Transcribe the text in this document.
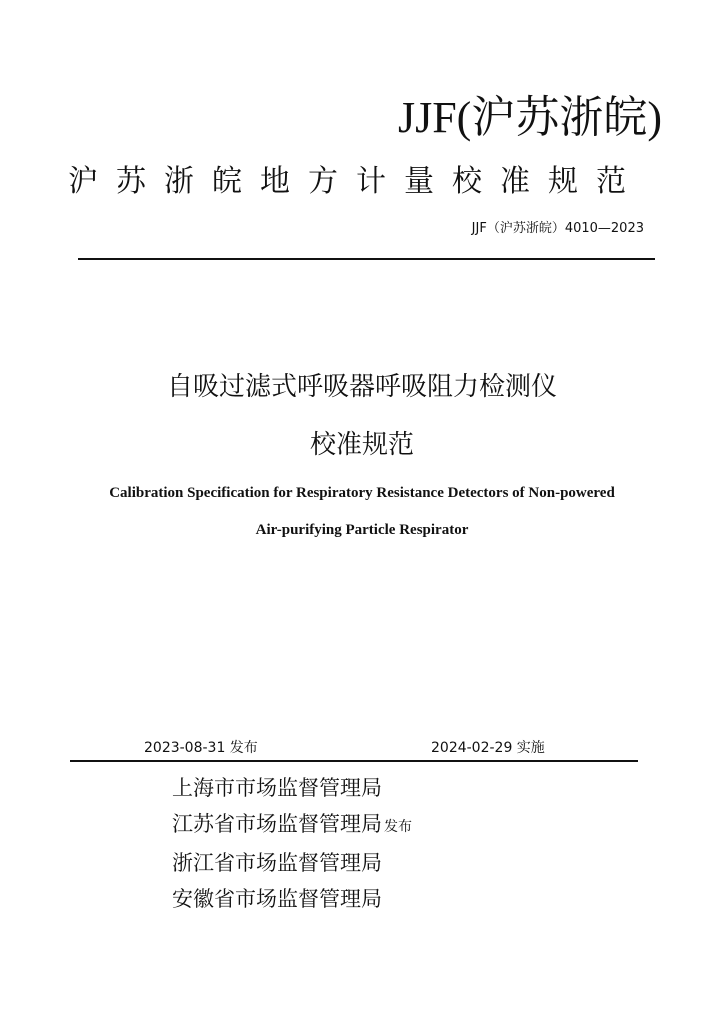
JJF(沪苏浙皖)
沪苏浙皖地方计量校准规范
JJF（沪苏浙皖）4010—2023
自吸过滤式呼吸器呼吸阻力检测仪
校准规范
Calibration Specification for Respiratory Resistance Detectors of Non-powered
Air-purifying Particle Respirator
2023-08-31 发布	2024-02-29 实施
上海市市场监督管理局
江苏省市场监督管理局 发布
浙江省市场监督管理局
安徽省市场监督管理局
